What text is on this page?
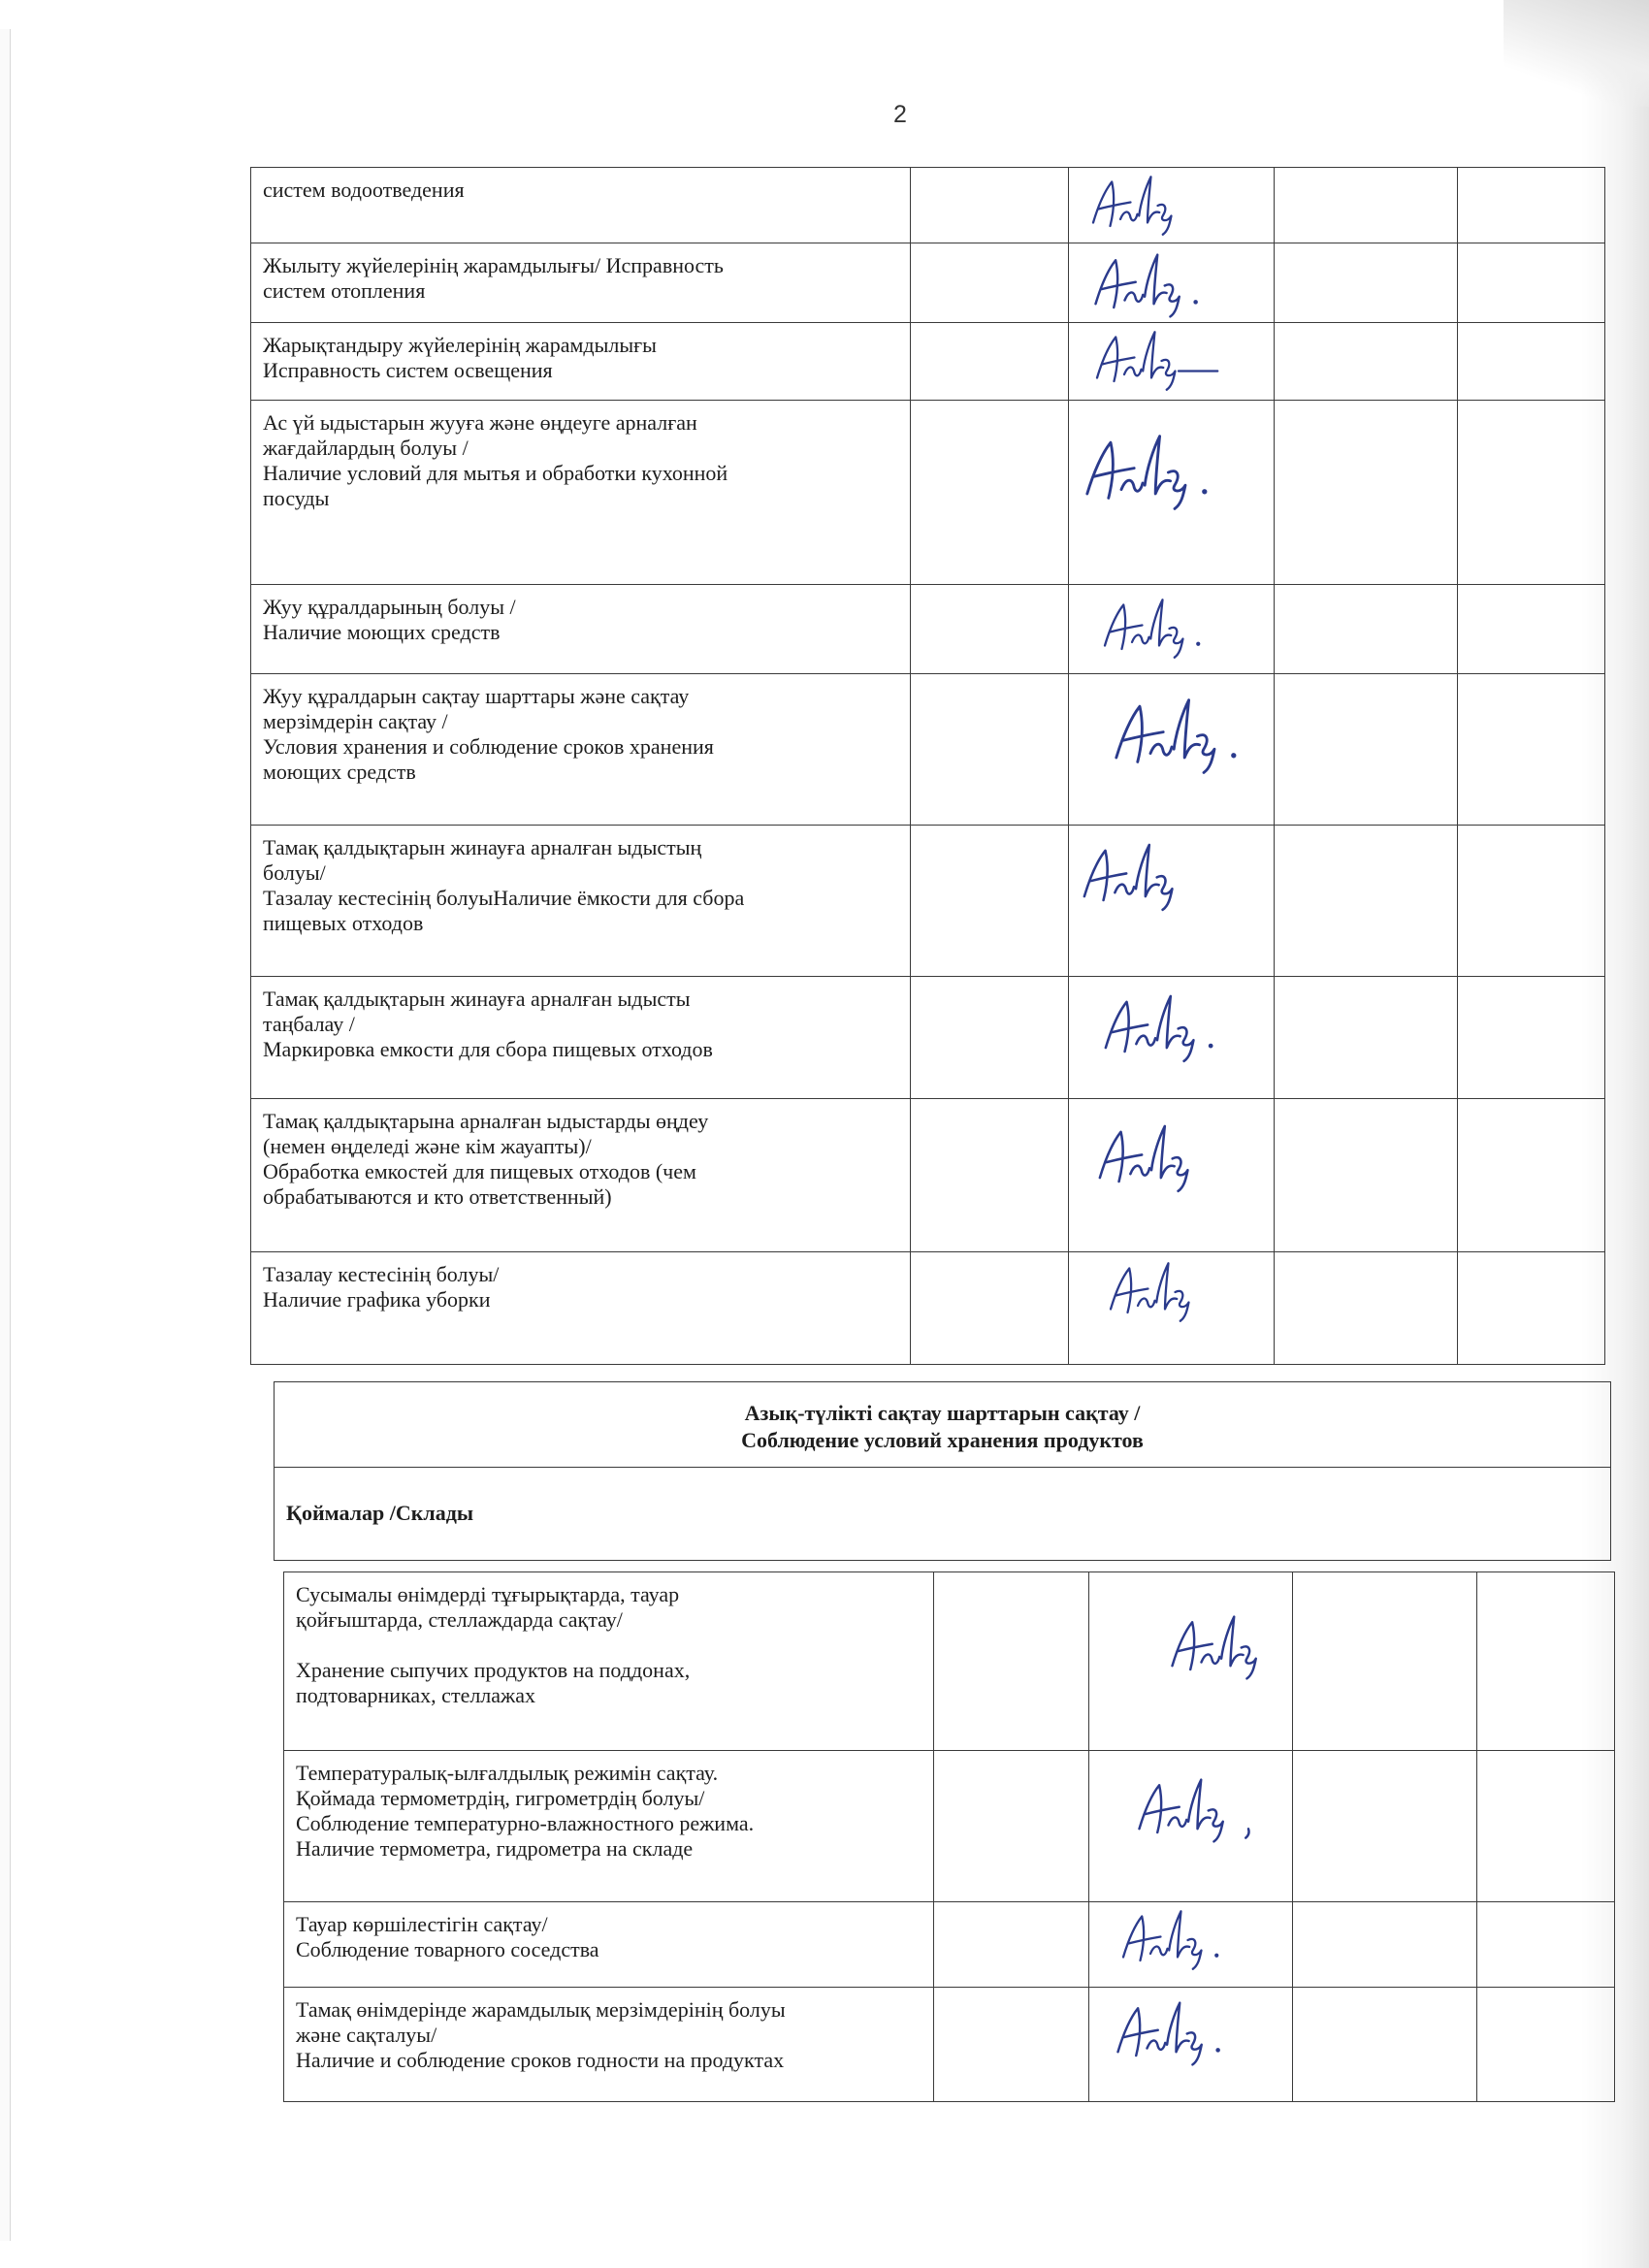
2
систем водоотведения

Жылыту жүйелерінің жарамдылығы/ Исправность
систем отопления

Жарықтандыру жүйелерінің жарамдылығы
Исправность систем освещения

Ас үй ыдыстарын жууға және өңдеуге арналған
жағдайлардың болуы /
Наличие условий для мытья и обработки кухонной
посуды

Жуу құралдарының болуы /
Наличие моющих средств

Жуу құралдарын сақтау шарттары және сақтау
мерзімдерін сақтау /
Условия хранения и соблюдение сроков хранения
моющих средств

Тамақ қалдықтарын жинауға арналған ыдыстың
болуы/
Тазалау кестесінің болуыНаличие ёмкости для сбора
пищевых отходов

Тамақ қалдықтарын жинауға арналған ыдысты
таңбалау /
Маркировка емкости для сбора пищевых отходов

Тамақ қалдықтарына арналған ыдыстарды өңдеу
(немен өңделеді және кім жауапты)/
Обработка емкостей для пищевых отходов (чем
обрабатываются и кто ответственный)

Тазалау кестесінің болуы/
Наличие графика уборки

Азық-түлікті сақтау шарттарын сақтау /
Соблюдение условий хранения продуктов
Қоймалар /Склады
Сусымалы өнімдерді тұғырықтарда, тауар
қойғыштарда, стеллаждарда сақтау/

Хранение сыпучих продуктов на поддонах,
подтоварниках, стеллажах

Температуралық-ылғалдылық режимін сақтау.
Қоймада термометрдің, гигрометрдің болуы/
Соблюдение температурно-влажностного режима.
Наличие термометра, гидрометра на складе

Тауар көршілестігін сақтау/
Соблюдение товарного соседства

Тамақ өнімдерінде жарамдылық мерзімдерінің болуы
және сақталуы/
Наличие и соблюдение сроков годности на продуктах
